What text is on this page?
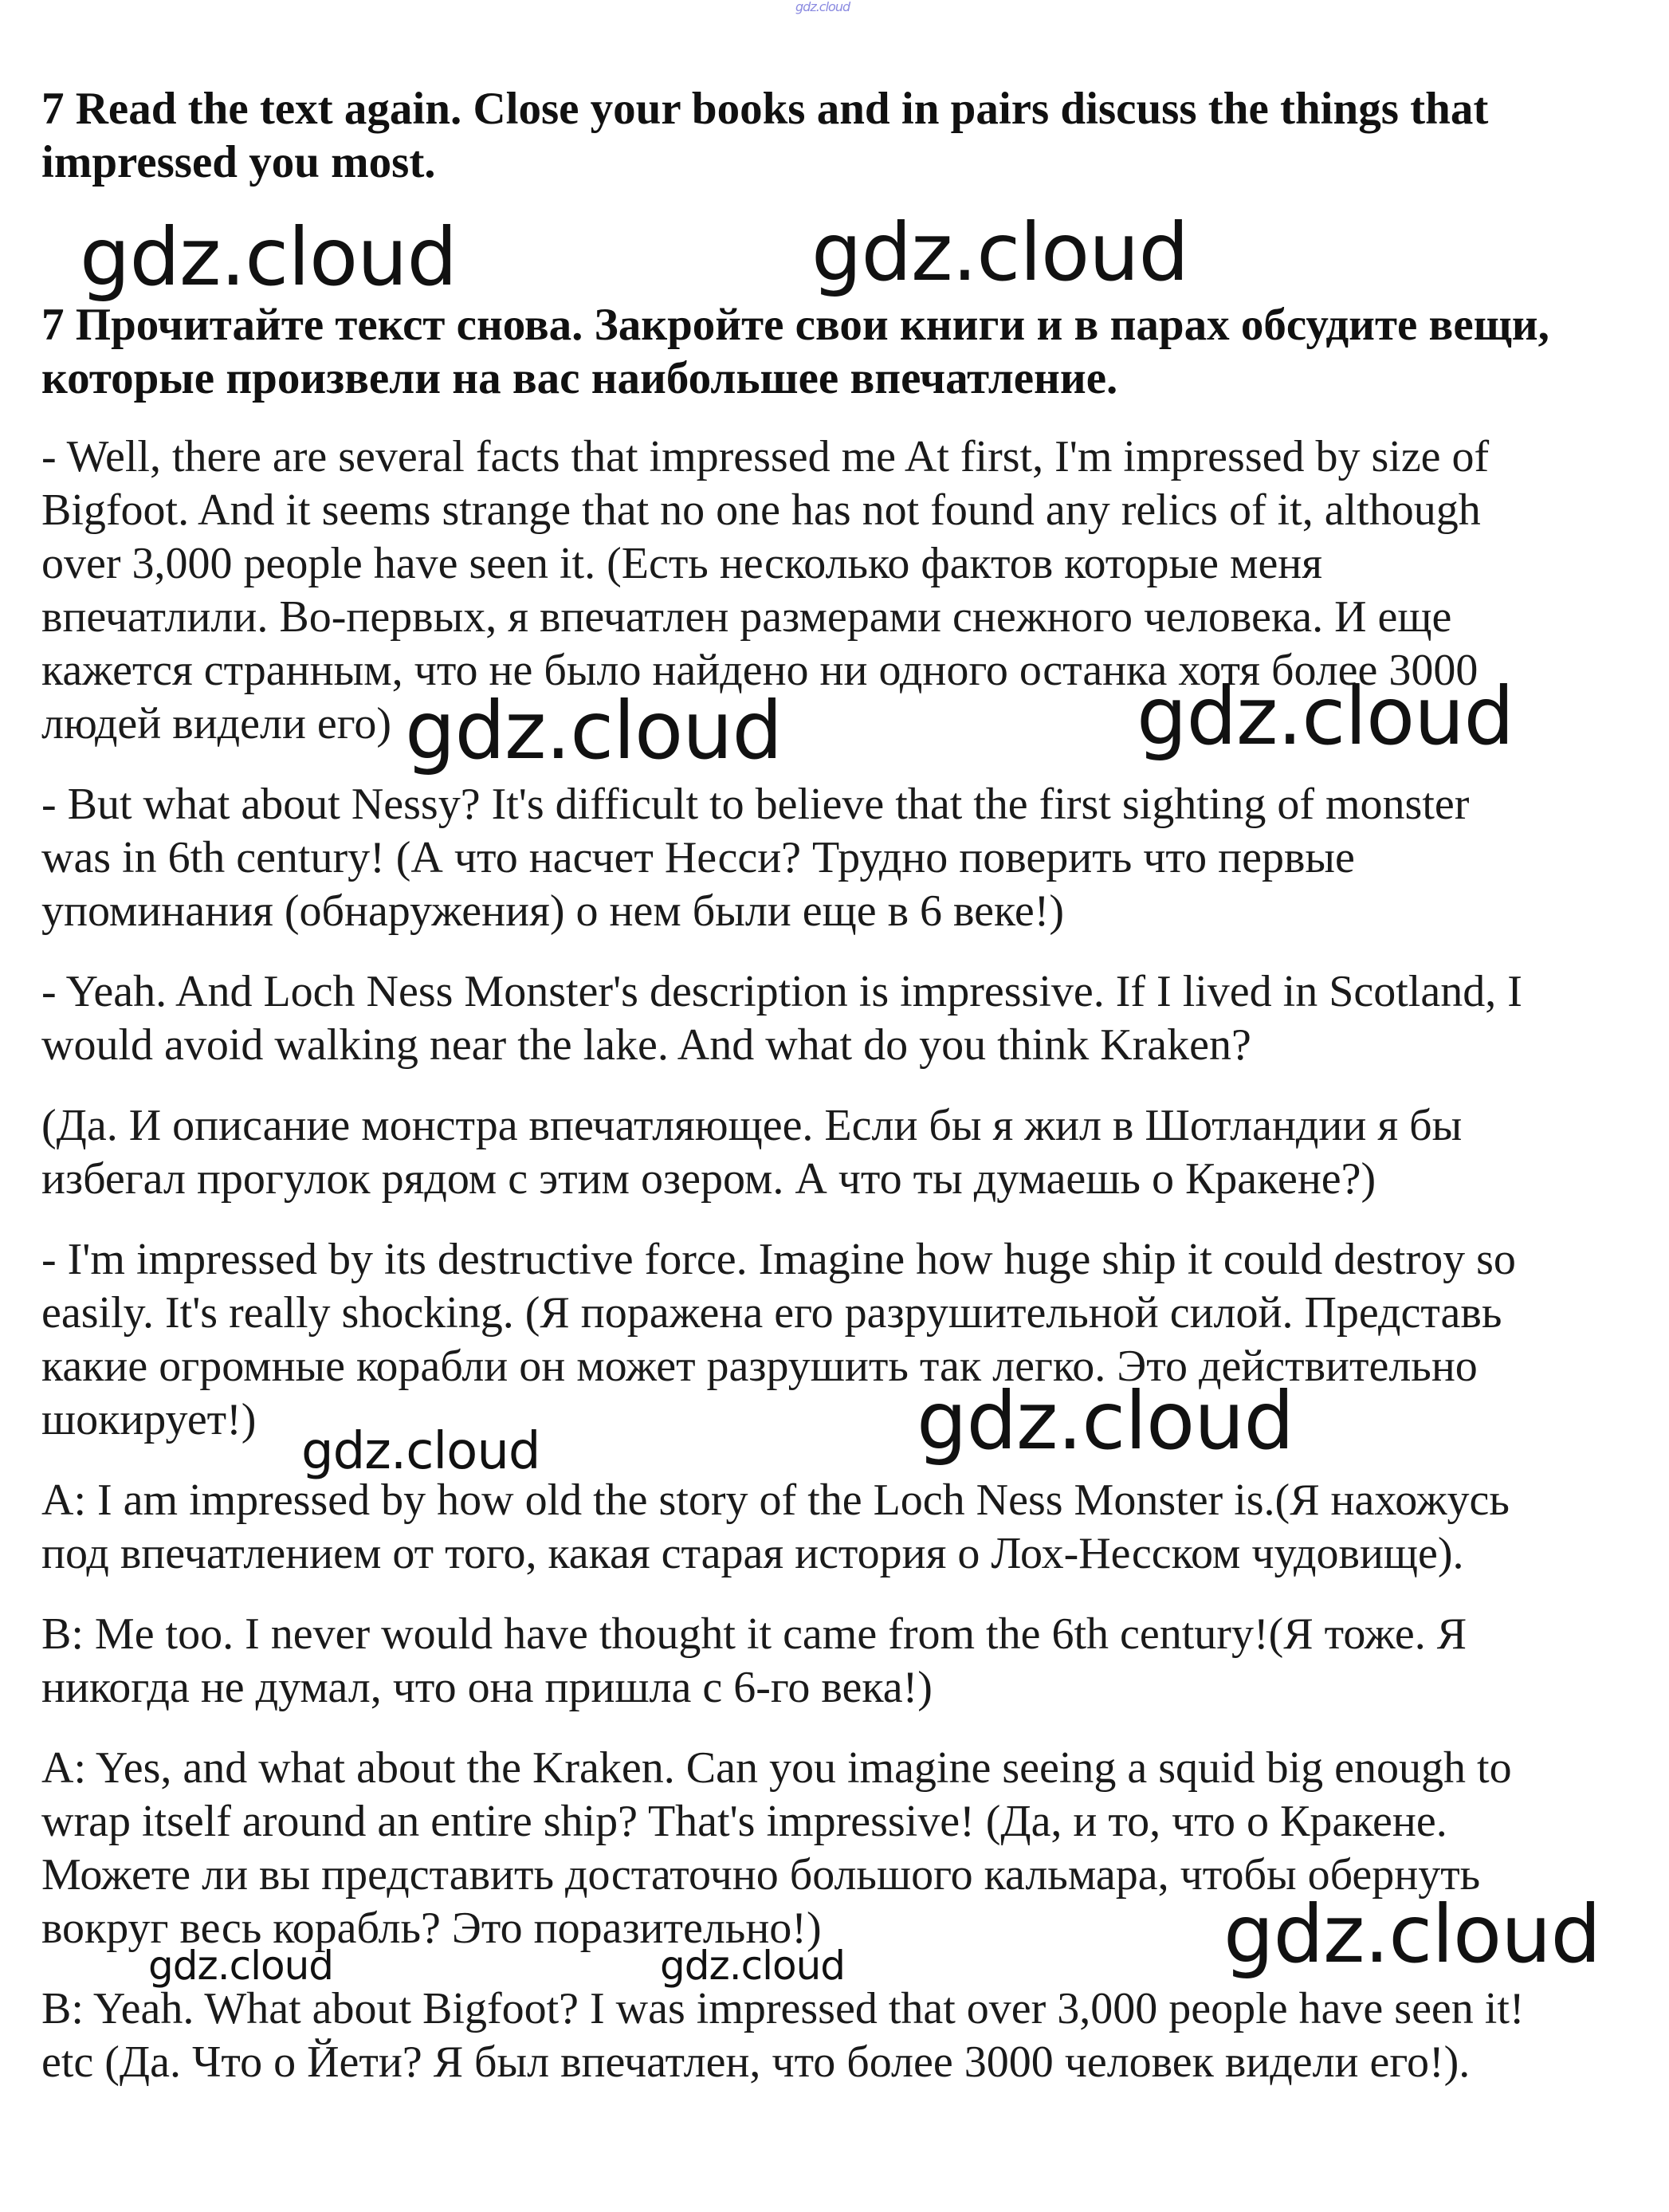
gdz.cloud
7 Read the text again. Close your books and in pairs discuss the things that
impressed you most.
7 Прочитайте текст снова. Закройте свои книги и в парах обсудите вещи,
которые произвели на вас наибольшее впечатление.
- Well, there are several facts that impressed me At first, I'm impressed by size of
Bigfoot. And it seems strange that no one has not found any relics of it, although
over 3,000 people have seen it. (Есть несколько фактов которые меня
впечатлили. Во-первых, я впечатлен размерами снежного человека. И еще
кажется странным, что не было найдено ни одного останка хотя более 3000
людей видели его)
- But what about Nessy? It's difficult to believe that the first sighting of monster
was in 6th century! (А что насчет Несси? Трудно поверить что первые
упоминания (обнаружения) о нем были еще в 6 веке!)
- Yeah. And Loch Ness Monster's description is impressive. If I lived in Scotland, I
would avoid walking near the lake. And what do you think Kraken?
(Да. И описание монстра впечатляющее. Если бы я жил в Шотландии я бы
избегал прогулок рядом с этим озером. А что ты думаешь о Кракене?)
- I'm impressed by its destructive force. Imagine how huge ship it could destroy so
easily. It's really shocking. (Я поражена его разрушительной силой. Представь
какие огромные корабли он может разрушить так легко. Это действительно
шокирует!)
A: I am impressed by how old the story of the Loch Ness Monster is.(Я нахожусь
под впечатлением от того, какая старая история о Лох-Несском чудовище).
B: Me too. I never would have thought it came from the 6th century!(Я тоже. Я
никогда не думал, что она пришла с 6-го века!)
A: Yes, and what about the Kraken. Can you imagine seeing a squid big enough to
wrap itself around an entire ship? That's impressive! (Да, и то, что о Кракене.
Можете ли вы представить достаточно большого кальмара, чтобы обернуть
вокруг весь корабль? Это поразительно!)
B: Yeah. What about Bigfoot? I was impressed that over 3,000 people have seen it!
etc (Да. Что о Йети? Я был впечатлен, что более 3000 человек видели его!).
gdz.cloud	gdz.cloud
gdz.cloud	gdz.cloud
gdz.cloud
gdz.cloud
gdz.cloud
gdz.cloud	gdz.cloud
